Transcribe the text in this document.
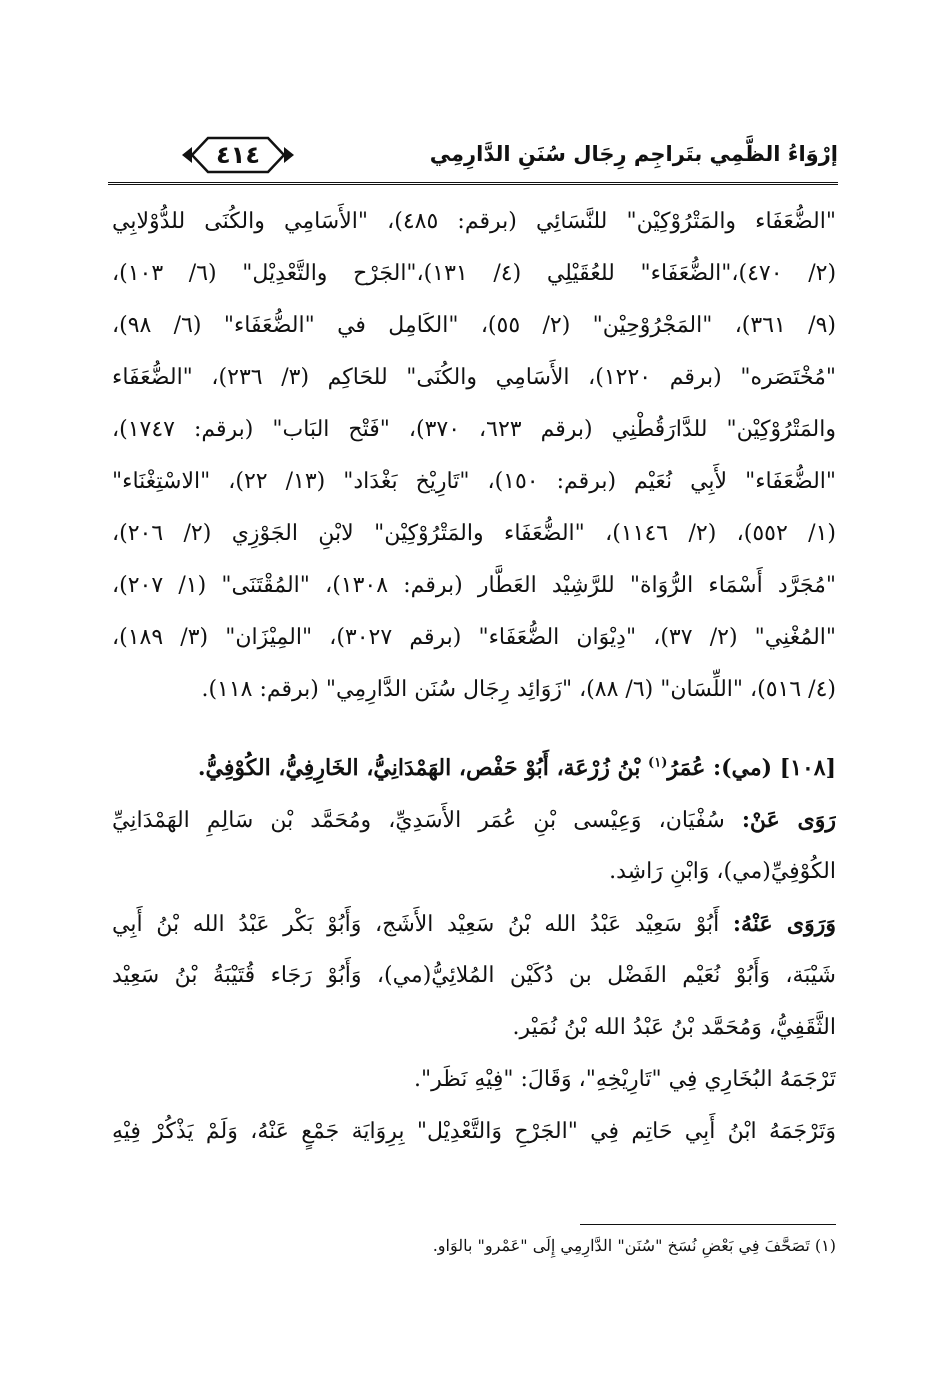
٤١٤	إرْوَاءُ الظَّمِي بتَراجِم رِجَال سُنَنِ الدَّارِمِي
"الضُّعَفَاء والمَتْرُوْكِيْن" للنَّسَائِي (برقم: ٤٨٥)، "الأَسَامِي والكُنَى للدُّوْلابِي
(٢/ ٤٧٠)،"الضُّعَفَاء" للعُقَيْلِي (٤/ ١٣١)،"الجَرْح والتَّعْدِيْل" (٦/ ١٠٣)،
(٩/ ٣٦١)، "المَجْرُوْحِيْن" (٢/ ٥٥)، "الكَامِل في "الضُّعَفَاء" (٦/ ٩٨)،
"مُخْتَصَره" (برقم ١٢٢٠)، الأَسَامِي والكُنَى" للحَاكِم (٣/ ٢٣٦)، "الضُّعَفَاء
والمَتْرُوْكِيْن" للدَّارَقُطْنِي (برقم ٦٢٣، ٣٧٠)، "فَتْح البَاب" (برقم: ١٧٤٧)،
"الضُّعَفَاء" لأَبِي نُعَيْم (برقم: ١٥٠)، "تَارِيْخ بَغْدَاد" (١٣/ ٢٢)، "الاسْتِغْنَاء"
(١/ ٥٥٢)، (٢/ ١١٤٦)، "الضُّعَفَاء والمَتْرُوْكِيْن" لابْنِ الجَوْزِي (٢/ ٢٠٦)،
"مُجَرَّد أَسْمَاء الرُّوَاة" للرَّشِيْد العَطَّار (برقم: ١٣٠٨)، "المُقْتَنَى" (١/ ٢٠٧)،
"المُغْنِي" (٢/ ٣٧)، "دِيْوَان الضُّعَفَاء" (برقم ٣٠٢٧)، "المِيْزَان" (٣/ ١٨٩)،
(٤/ ٥١٦)، "اللِّسَان" (٦/ ٨٨)، "زَوَائِد رِجَال سُنَن الدَّارِمِي" (برقم: ١١٨).
[١٠٨] (مي): عُمَرُ$^{(١)}$ بْنُ زُرْعَة، أَبُوْ حَفْص، الهَمْدَانِيُّ، الخَارِفِيُّ، الكُوْفِيُّ.
رَوَى عَنْ: سُفْيَان، وَعِيْسى بْنِ عُمَر الأَسَدِيِّ، ومُحَمَّد بْن سَالِمِ الهَمْدَانِيِّ
الكُوْفِيِّ(مي)، وَابْنِ رَاشِد.
وَرَوَى عَنْهُ: أَبُوْ سَعِيْد عَبْدُ الله بْنُ سَعِيْد الأَشَج، وَأَبُوْ بَكْر عَبْدُ الله بْنُ أَبِي
شَيْبَة، وَأَبُوْ نُعَيْم الفَضْل بن دُكَيْن المُلائِيُّ(مي)، وَأَبُوْ رَجَاء قُتَيْبَةُ بْنُ سَعِيْد
الثَّقَفِيُّ، وَمُحَمَّد بْنُ عَبْدُ الله بْنُ نُمَيْر.
تَرْجَمَهُ البُخَارِي فِي "تَارِيْخِهِ"، وَقَالَ: "فِيْهِ نَظَر".
وَتَرْجَمَهُ ابْنُ أَبِي حَاتِم فِي "الجَرْحِ وَالتَّعْدِيْل" بِرِوَايَة جَمْعٍ عَنْهُ، وَلَمْ يَذْكُرْ فِيْهِ
(١) تَصَحَّفَ فِي بَعْضِ نُسَخ "سُنَن" الدَّارِمِي إِلَى "عَمْرو" بالوَاو.
